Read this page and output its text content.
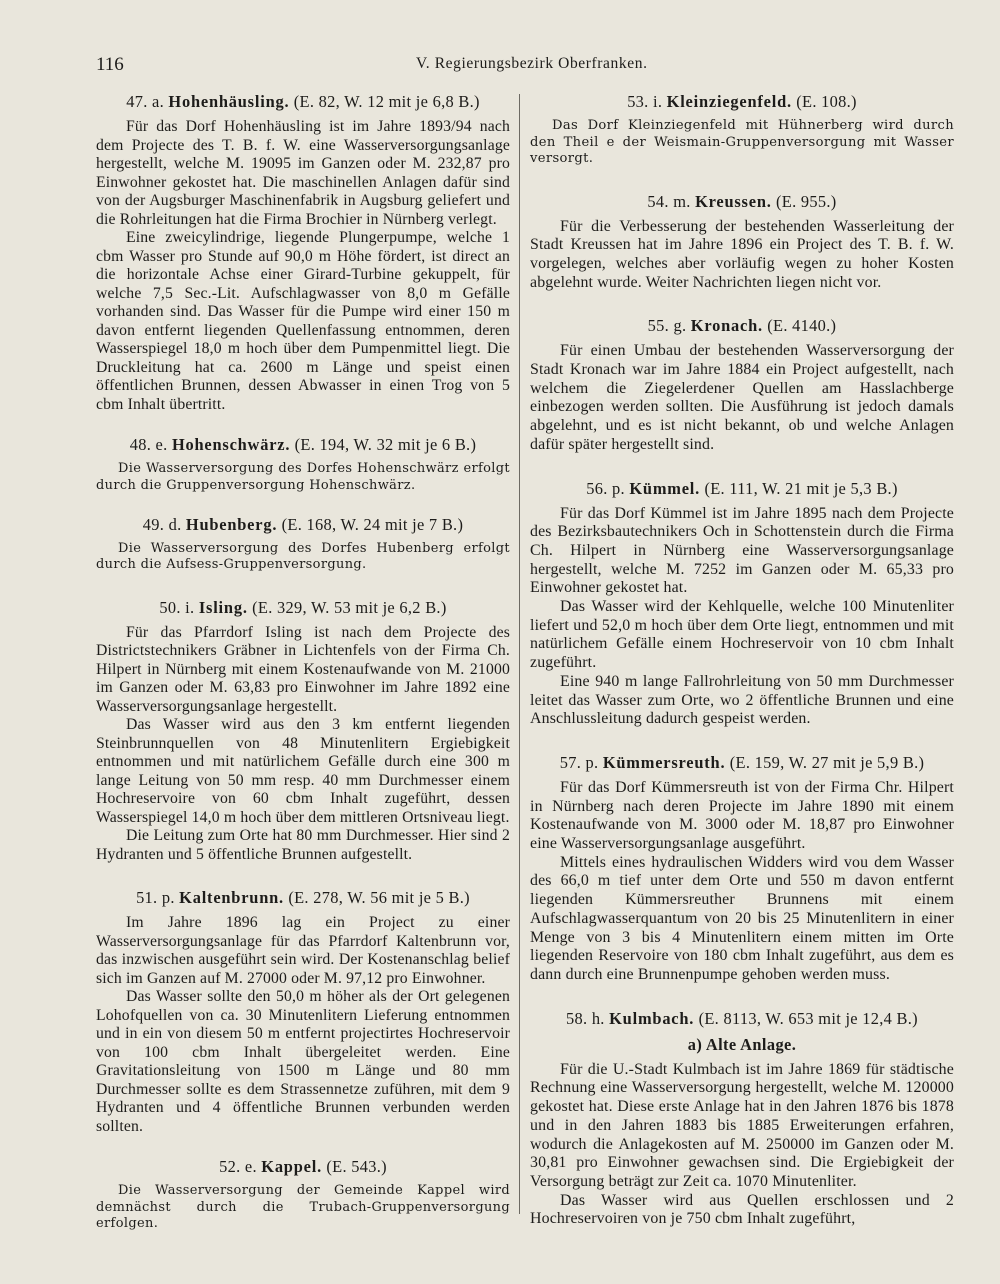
116	V. Regierungsbezirk Oberfranken.
47. a. Hohenhäusling. (E. 82, W. 12 mit je 6,8 B.)

Für das Dorf Hohenhäusling ist im Jahre 1893/94 nach dem Projecte des T. B. f. W. eine Wasserversorgungsanlage hergestellt, welche M. 19095 im Ganzen oder M. 232,87 pro Einwohner gekostet hat. Die maschinellen Anlagen dafür sind von der Augsburger Maschinenfabrik in Augsburg geliefert und die Rohrleitungen hat die Firma Brochier in Nürnberg verlegt.

Eine zweicylindrige, liegende Plungerpumpe, welche 1 cbm Wasser pro Stunde auf 90,0 m Höhe fördert, ist direct an die horizontale Achse einer Girard-Turbine gekuppelt, für welche 7,5 Sec.-Lit. Aufschlagwasser von 8,0 m Gefälle vorhanden sind. Das Wasser für die Pumpe wird einer 150 m davon entfernt liegenden Quellenfassung entnommen, deren Wasserspiegel 18,0 m hoch über dem Pumpenmittel liegt. Die Druckleitung hat ca. 2600 m Länge und speist einen öffentlichen Brunnen, dessen Abwasser in einen Trog von 5 cbm Inhalt übertritt.

48. e. Hohenschwärz. (E. 194, W. 32 mit je 6 B.)

Die Wasserversorgung des Dorfes Hohenschwärz erfolgt durch die Gruppenversorgung Hohenschwärz.

49. d. Hubenberg. (E. 168, W. 24 mit je 7 B.)

Die Wasserversorgung des Dorfes Hubenberg erfolgt durch die Aufsess-Gruppenversorgung.

50. i. Isling. (E. 329, W. 53 mit je 6,2 B.)

Für das Pfarrdorf Isling ist nach dem Projecte des Districtstechnikers Gräbner in Lichtenfels von der Firma Ch. Hilpert in Nürnberg mit einem Kostenaufwande von M. 21000 im Ganzen oder M. 63,83 pro Einwohner im Jahre 1892 eine Wasserversorgungsanlage hergestellt.

Das Wasser wird aus den 3 km entfernt liegenden Steinbrunnquellen von 48 Minutenlitern Ergiebigkeit entnommen und mit natürlichem Gefälle durch eine 300 m lange Leitung von 50 mm resp. 40 mm Durchmesser einem Hochreservoire von 60 cbm Inhalt zugeführt, dessen Wasserspiegel 14,0 m hoch über dem mittleren Ortsniveau liegt.

Die Leitung zum Orte hat 80 mm Durchmesser. Hier sind 2 Hydranten und 5 öffentliche Brunnen aufgestellt.

51. p. Kaltenbrunn. (E. 278, W. 56 mit je 5 B.)

Im Jahre 1896 lag ein Project zu einer Wasserversorgungsanlage für das Pfarrdorf Kaltenbrunn vor, das inzwischen ausgeführt sein wird. Der Kostenanschlag belief sich im Ganzen auf M. 27000 oder M. 97,12 pro Einwohner.

Das Wasser sollte den 50,0 m höher als der Ort gelegenen Lohofquellen von ca. 30 Minutenlitern Lieferung entnommen und in ein von diesem 50 m entfernt projectirtes Hochreservoir von 100 cbm Inhalt übergeleitet werden. Eine Gravitationsleitung von 1500 m Länge und 80 mm Durchmesser sollte es dem Strassennetze zuführen, mit dem 9 Hydranten und 4 öffentliche Brunnen verbunden werden sollten.

52. e. Kappel. (E. 543.)

Die Wasserversorgung der Gemeinde Kappel wird demnächst durch die Trubach-Gruppenversorgung erfolgen.

53. i. Kleinziegenfeld. (E. 108.)

Das Dorf Kleinziegenfeld mit Hühnerberg wird durch den Theil e der Weismain-Gruppenversorgung mit Wasser versorgt.

54. m. Kreussen. (E. 955.)

Für die Verbesserung der bestehenden Wasserleitung der Stadt Kreussen hat im Jahre 1896 ein Project des T. B. f. W. vorgelegen, welches aber vorläufig wegen zu hoher Kosten abgelehnt wurde. Weiter Nachrichten liegen nicht vor.

55. g. Kronach. (E. 4140.)

Für einen Umbau der bestehenden Wasserversorgung der Stadt Kronach war im Jahre 1884 ein Project aufgestellt, nach welchem die Ziegelerdener Quellen am Hasslachberge einbezogen werden sollten. Die Ausführung ist jedoch damals abgelehnt, und es ist nicht bekannt, ob und welche Anlagen dafür später hergestellt sind.

56. p. Kümmel. (E. 111, W. 21 mit je 5,3 B.)

Für das Dorf Kümmel ist im Jahre 1895 nach dem Projecte des Bezirksbautechnikers Och in Schottenstein durch die Firma Ch. Hilpert in Nürnberg eine Wasserversorgungsanlage hergestellt, welche M. 7252 im Ganzen oder M. 65,33 pro Einwohner gekostet hat.

Das Wasser wird der Kehlquelle, welche 100 Minutenliter liefert und 52,0 m hoch über dem Orte liegt, entnommen und mit natürlichem Gefälle einem Hochreservoir von 10 cbm Inhalt zugeführt.

Eine 940 m lange Fallrohrleitung von 50 mm Durchmesser leitet das Wasser zum Orte, wo 2 öffentliche Brunnen und eine Anschlussleitung dadurch gespeist werden.

57. p. Kümmersreuth. (E. 159, W. 27 mit je 5,9 B.)

Für das Dorf Kümmersreuth ist von der Firma Chr. Hilpert in Nürnberg nach deren Projecte im Jahre 1890 mit einem Kostenaufwande von M. 3000 oder M. 18,87 pro Einwohner eine Wasserversorgungsanlage ausgeführt.

Mittels eines hydraulischen Widders wird vou dem Wasser des 66,0 m tief unter dem Orte und 550 m davon entfernt liegenden Kümmersreuther Brunnens mit einem Aufschlagwasserquantum von 20 bis 25 Minutenlitern in einer Menge von 3 bis 4 Minutenlitern einem mitten im Orte liegenden Reservoire von 180 cbm Inhalt zugeführt, aus dem es dann durch eine Brunnenpumpe gehoben werden muss.

58. h. Kulmbach. (E. 8113, W. 653 mit je 12,4 B.)
a) Alte Anlage.

Für die U.-Stadt Kulmbach ist im Jahre 1869 für städtische Rechnung eine Wasserversorgung hergestellt, welche M. 120000 gekostet hat. Diese erste Anlage hat in den Jahren 1876 bis 1878 und in den Jahren 1883 bis 1885 Erweiterungen erfahren, wodurch die Anlagekosten auf M. 250000 im Ganzen oder M. 30,81 pro Einwohner gewachsen sind. Die Ergiebigkeit der Versorgung beträgt zur Zeit ca. 1070 Minutenliter.

Das Wasser wird aus Quellen erschlossen und 2 Hochreservoiren von je 750 cbm Inhalt zugeführt,
